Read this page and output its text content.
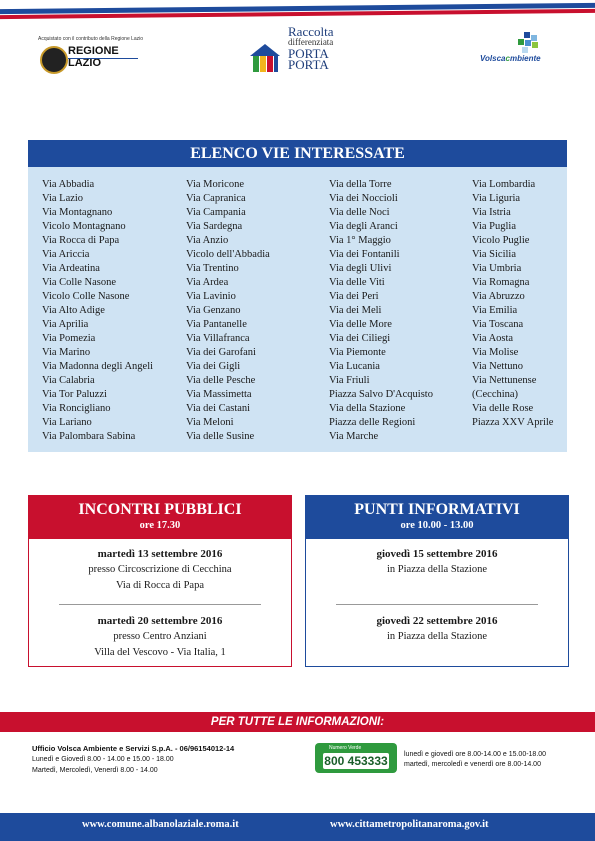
Acquistato con il contributo della Regione Lazio
REGIONE
LAZIO
Raccolta
differenziata
PORTA
PORTA	Volscacmbiente
ELENCO VIE INTERESSATE
Via Abbadia
Via Lazio
Via Montagnano
Vicolo Montagnano
Via Rocca di Papa
Via Ariccia
Via Ardeatina
Via Colle Nasone
Vicolo Colle Nasone
Via Alto Adige
Via Aprilia
Via Pomezia
Via Marino
Via Madonna degli Angeli
Via Calabria
Via Tor Paluzzi
Via Roncigliano
Via Lariano
Via Palombara Sabina
Via Moricone
Via Capranica
Via Campania
Via Sardegna
Via Anzio
Vicolo dell'Abbadia
Via Trentino
Via Ardea
Via Lavinio
Via Genzano
Via Pantanelle
Via Villafranca
Via dei Garofani
Via dei Gigli
Via delle Pesche
Via Massimetta
Via dei Castani
Via Meloni
Via delle Susine
Via della Torre
Via dei Noccioli
Via delle Noci
Via degli Aranci
Via 1° Maggio
Via dei Fontanili
Via degli Ulivi
Via delle Viti
Via dei Peri
Via dei Meli
Via delle More
Via dei Ciliegi
Via Piemonte
Via Lucania
Via Friuli
Piazza Salvo D'Acquisto
Via della Stazione
Piazza delle Regioni
Via Marche
Via Lombardia
Via Liguria
Via Istria
Via Puglia
Vicolo Puglie
Via Sicilia
Via Umbria
Via Romagna
Via Abruzzo
Via Emilia
Via Toscana
Via Aosta
Via Molise
Via Nettuno
Via Nettunense
(Cecchina)
Via delle Rose
Piazza XXV Aprile
INCONTRI PUBBLICI
ore 17.30
martedì 13 settembre 2016
presso Circoscrizione di Cecchina
Via di Rocca di Papa
martedì 20 settembre 2016
presso Centro Anziani
Villa del Vescovo - Via Italia, 1
PUNTI INFORMATIVI
ore 10.00 - 13.00
giovedì 15 settembre 2016
in Piazza della Stazione
giovedì 22 settembre 2016
in Piazza della Stazione
PER TUTTE LE INFORMAZIONI:
Ufficio Volsca Ambiente e Servizi S.p.A. - 06/96154012-14
Lunedì e Giovedì 8.00 - 14.00 e 15.00 - 18.00
Martedì, Mercoledì, Venerdì 8.00 - 14.00
Numero Verde
800 453333 lunedì e giovedì ore 8.00-14.00 e 15.00-18.00
martedì, mercoledì e venerdì ore 8.00-14.00
www.comune.albanolaziale.roma.it	www.cittametropolitanaroma.gov.it
